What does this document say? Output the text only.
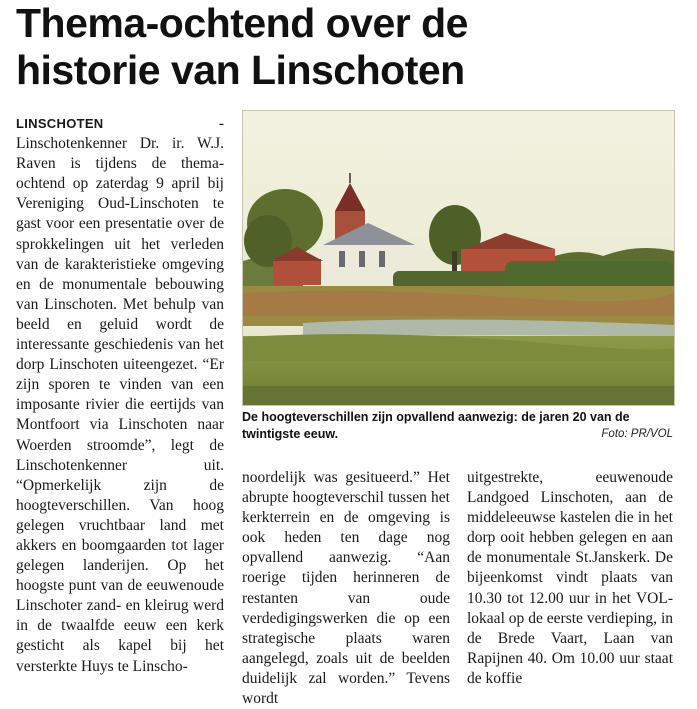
Thema-ochtend over de
historie van Linschoten
LINSCHOTEN - Linschotenkenner Dr. ir. W.J. Raven is tijdens de thema-ochtend op zaterdag 9 april bij Vereniging Oud-Linschoten te gast voor een presentatie over de sprokkelingen uit het verleden van de karakteristieke omgeving en de monumentale bebouwing van Linschoten. Met behulp van beeld en geluid wordt de interessante geschiedenis van het dorp Linschoten uiteengezet. “Er zijn sporen te vinden van een imposante rivier die eertijds van Montfoort via Linschoten naar Woerden stroomde”, legt de Linschotenkenner uit. “Opmerkelijk zijn de hoogteverschillen. Van hoog gelegen vruchtbaar land met akkers en boomgaarden tot lager gelegen landerijen. Op het hoogste punt van de eeuwenoude Linschoter zand- en kleirug werd in de twaalfde eeuw een kerk gesticht als kapel bij het versterkte Huys te Linscho-
De hoogteverschillen zijn opvallend aanwezig: de jaren 20 van de twintigste eeuw.	Foto: PR/VOL
noordelijk was gesitueerd.” Het abrupte hoogteverschil tussen het kerkterrein en de omgeving is ook heden ten dage nog opvallend aanwezig. “Aan roerige tijden herinneren de restanten van oude verdedigingswerken die op een strategische plaats waren aangelegd, zoals uit de beelden duidelijk zal worden.” Tevens wordt
uitgestrekte, eeuwenoude Landgoed Linschoten, aan de middeleeuwse kastelen die in het dorp ooit hebben gelegen en aan de monumentale St.Janskerk. De bijeenkomst vindt plaats van 10.30 tot 12.00 uur in het VOL-lokaal op de eerste verdieping, in de Brede Vaart, Laan van Rapijnen 40. Om 10.00 uur staat de koffie
